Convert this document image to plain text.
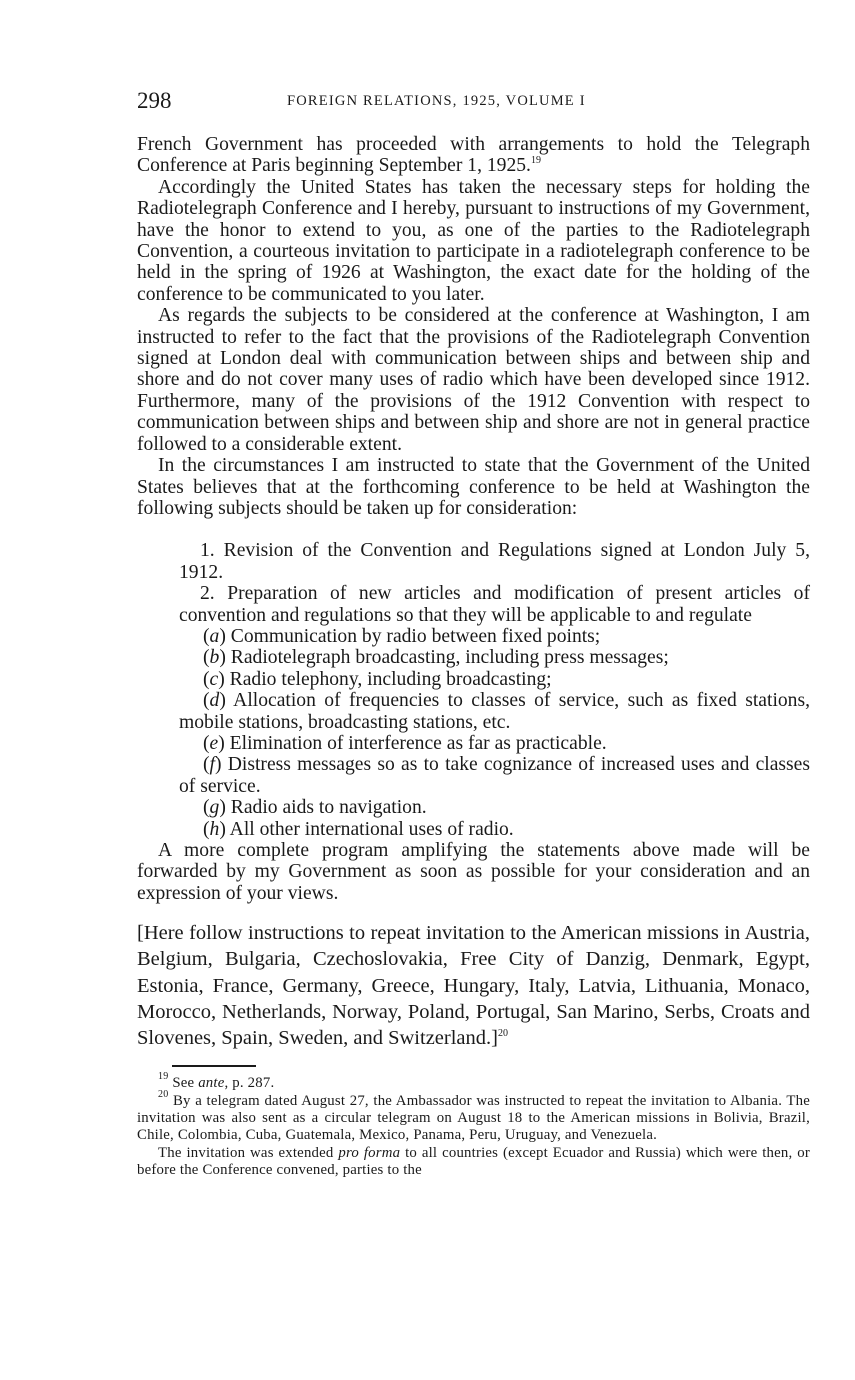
298	FOREIGN RELATIONS, 1925, VOLUME I

French Government has proceeded with arrangements to hold the Telegraph Conference at Paris beginning September 1, 1925.19

Accordingly the United States has taken the necessary steps for holding the Radiotelegraph Conference and I hereby, pursuant to instructions of my Government, have the honor to extend to you, as one of the parties to the Radiotelegraph Convention, a courteous invitation to participate in a radiotelegraph conference to be held in the spring of 1926 at Washington, the exact date for the holding of the conference to be communicated to you later.

As regards the subjects to be considered at the conference at Washington, I am instructed to refer to the fact that the provisions of the Radiotelegraph Convention signed at London deal with communication between ships and between ship and shore and do not cover many uses of radio which have been developed since 1912. Furthermore, many of the provisions of the 1912 Convention with respect to communication between ships and between ship and shore are not in general practice followed to a considerable extent.

In the circumstances I am instructed to state that the Government of the United States believes that at the forthcoming conference to be held at Washington the following subjects should be taken up for consideration:

1. Revision of the Convention and Regulations signed at London July 5, 1912.

2. Preparation of new articles and modification of present articles of convention and regulations so that they will be applicable to and regulate

(a) Communication by radio between fixed points;

(b) Radiotelegraph broadcasting, including press messages;

(c) Radio telephony, including broadcasting;

(d) Allocation of frequencies to classes of service, such as fixed stations, mobile stations, broadcasting stations, etc.

(e) Elimination of interference as far as practicable.

(f) Distress messages so as to take cognizance of increased uses and classes of service.

(g) Radio aids to navigation.

(h) All other international uses of radio.

A more complete program amplifying the statements above made will be forwarded by my Government as soon as possible for your consideration and an expression of your views.

[Here follow instructions to repeat invitation to the American missions in Austria, Belgium, Bulgaria, Czechoslovakia, Free City of Danzig, Denmark, Egypt, Estonia, France, Germany, Greece, Hungary, Italy, Latvia, Lithuania, Monaco, Morocco, Netherlands, Norway, Poland, Portugal, San Marino, Serbs, Croats and Slovenes, Spain, Sweden, and Switzerland.]$^{20}$

$^{19}$ See ante, p. 287.

$^{20}$ By a telegram dated August 27, the Ambassador was instructed to repeat the invitation to Albania. The invitation was also sent as a circular telegram on August 18 to the American missions in Bolivia, Brazil, Chile, Colombia, Cuba, Guatemala, Mexico, Panama, Peru, Uruguay, and Venezuela.

The invitation was extended pro forma to all countries (except Ecuador and Russia) which were then, or before the Conference convened, parties to the
